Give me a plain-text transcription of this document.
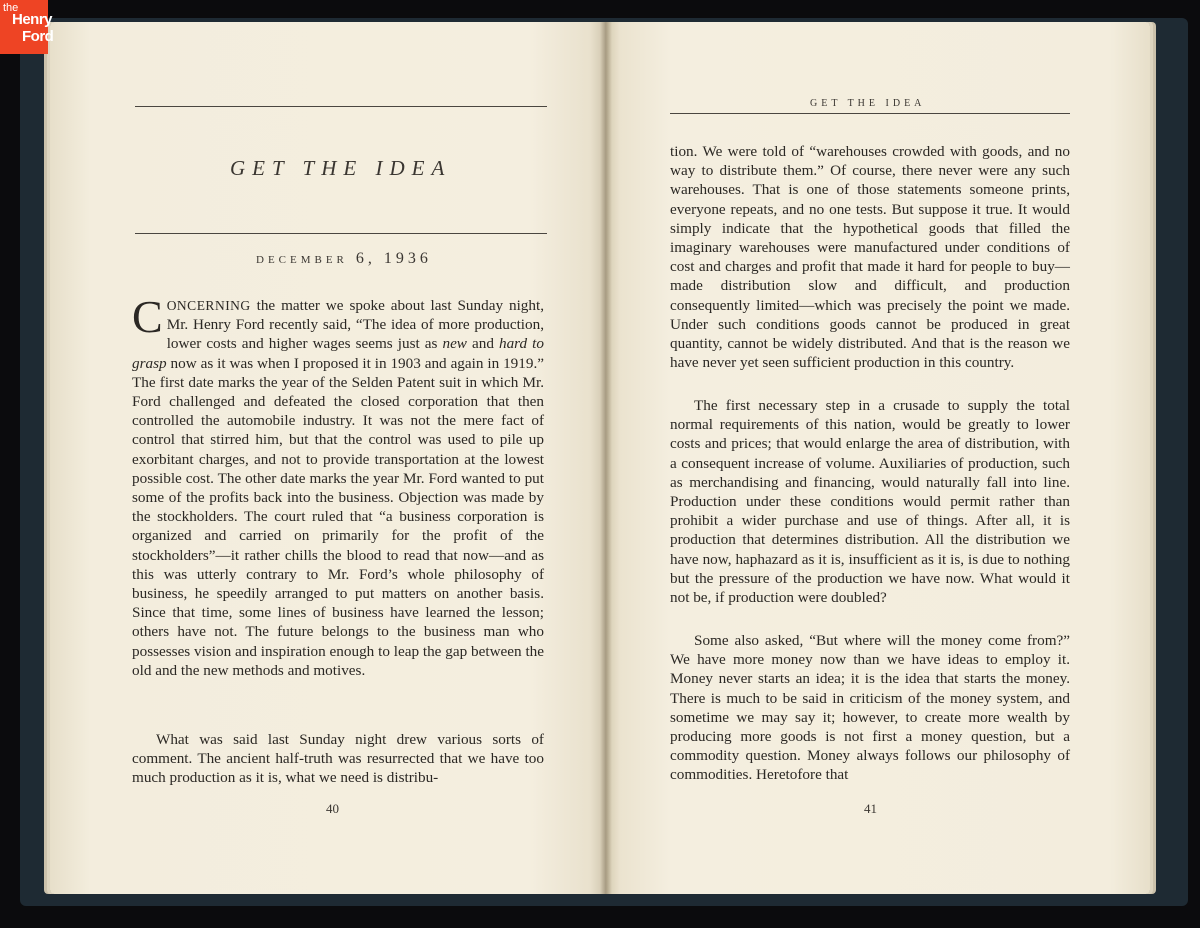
the
Henry
Ford
GET THE IDEA
DECEMBER 6, 1936

CONCERNING the matter we spoke about last Sunday night, Mr. Henry Ford recently said, “The idea of more production, lower costs and higher wages seems just as new and hard to grasp now as it was when I proposed it in 1903 and again in 1919.” The first date marks the year of the Selden Patent suit in which Mr. Ford challenged and defeated the closed corporation that then controlled the automobile industry. It was not the mere fact of control that stirred him, but that the control was used to pile up exorbitant charges, and not to provide transportation at the lowest possible cost. The other date marks the year Mr. Ford wanted to put some of the profits back into the business. Objection was made by the stockholders. The court ruled that “a business corporation is organized and carried on primarily for the profit of the stockholders”—it rather chills the blood to read that now—and as this was utterly contrary to Mr. Ford’s whole philosophy of business, he speedily arranged to put matters on another basis. Since that time, some lines of business have learned the lesson; others have not. The future belongs to the business man who possesses vision and inspiration enough to leap the gap between the old and the new methods and motives.

What was said last Sunday night drew various sorts of comment. The ancient half-truth was resurrected that we have too much production as it is, what we need is distribu-

40
GET THE IDEA

tion. We were told of “warehouses crowded with goods, and no way to distribute them.” Of course, there never were any such warehouses. That is one of those statements someone prints, everyone repeats, and no one tests. But suppose it true. It would simply indicate that the hypothetical goods that filled the imaginary warehouses were manufactured under conditions of cost and charges and profit that made it hard for people to buy—made distribution slow and difficult, and production consequently limited—which was precisely the point we made. Under such conditions goods cannot be produced in great quantity, cannot be widely distributed. And that is the reason we have never yet seen sufficient production in this country.

The first necessary step in a crusade to supply the total normal requirements of this nation, would be greatly to lower costs and prices; that would enlarge the area of distribution, with a consequent increase of volume. Auxiliaries of production, such as merchandising and financing, would naturally fall into line. Production under these conditions would permit rather than prohibit a wider purchase and use of things. After all, it is production that determines distribution. All the distribution we have now, haphazard as it is, insufficient as it is, is due to nothing but the pressure of the production we have now. What would it not be, if production were doubled?

Some also asked, “But where will the money come from?” We have more money now than we have ideas to employ it. Money never starts an idea; it is the idea that starts the money. There is much to be said in criticism of the money system, and sometime we may say it; however, to create more wealth by producing more goods is not first a money question, but a commodity question. Money always follows our philosophy of commodities. Heretofore that

41
